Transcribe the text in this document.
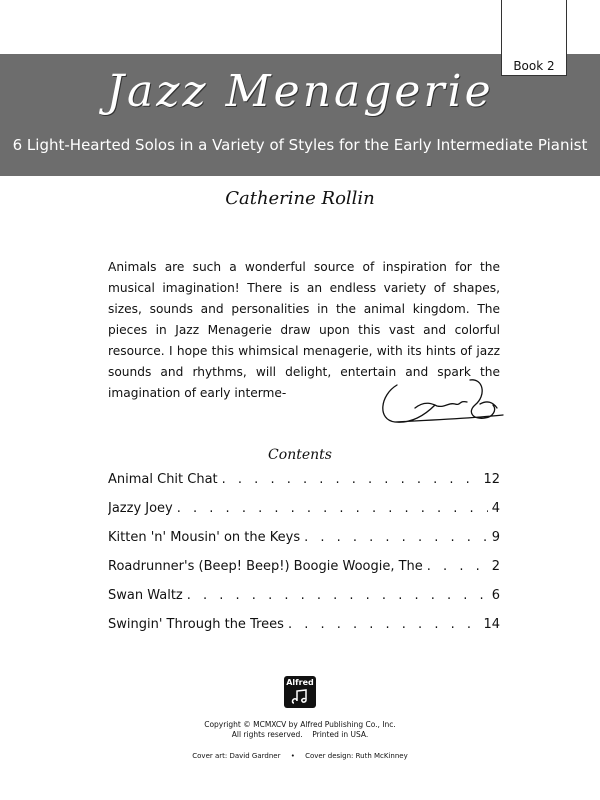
Book 2
Jazz Menagerie
6 Light-Hearted Solos in a Variety of Styles for the Early Intermediate Pianist
Catherine Rollin
Animals are such a wonderful source of inspiration for the musical imagination! There is an endless variety of shapes, sizes, sounds and personalities in the animal kingdom. The pieces in Jazz Menagerie draw upon this vast and colorful resource. I hope this whimsical menagerie, with its hints of jazz sounds and rhythms, will delight, entertain and spark the imagination of early interme-
Contents
Animal Chit Chat . . .	12
Jazzy Joey . . .	4
Kitten 'n' Mousin' on the Keys . . .	9
Roadrunner's (Beep! Beep!) Boogie Woogie, The . . .	2
Swan Waltz . . .	6
Swingin' Through the Trees . . .	14
Alfred
Copyright © MCMXCV by Alfred Publishing Co., Inc.
All rights reserved.    Printed in USA.
Cover art: David Gardner • Cover design: Ruth McKinney
